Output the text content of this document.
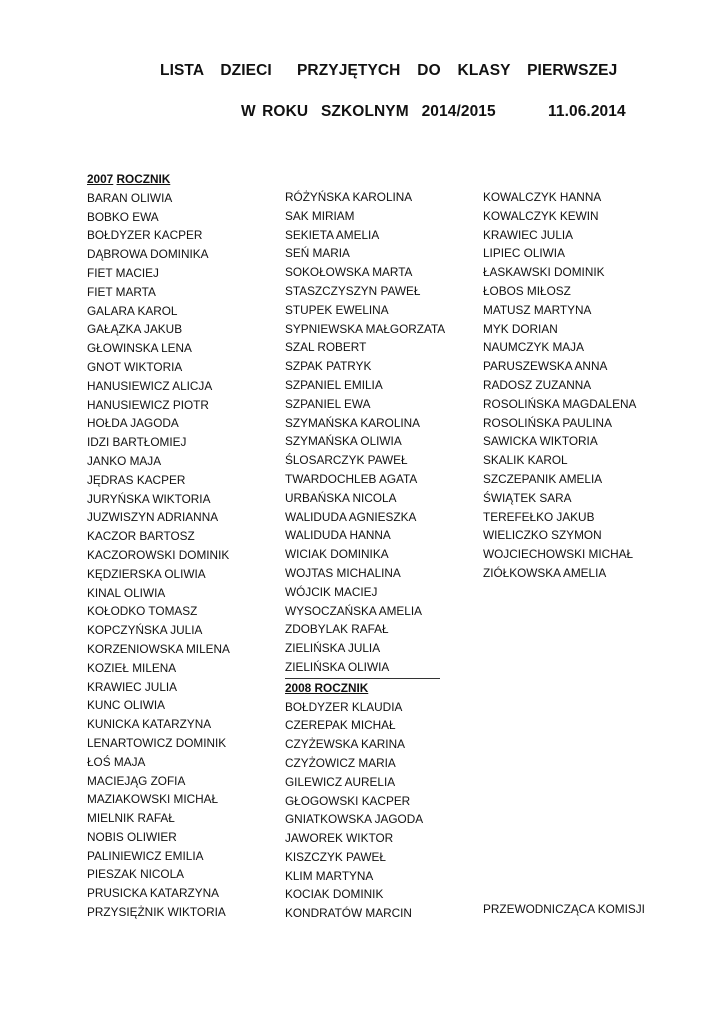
LISTA  DZIECI   PRZYJĘTYCH  DO  KLASY  PIERWSZEJ
W ROKU  SZKOLNYM  2014/2015	11.06.2014
2007 ROCZNIK
BARAN OLIWIA
BOBKO EWA
BOŁDYZER KACPER
DĄBROWA DOMINIKA
FIET MACIEJ
FIET MARTA
GALARA KAROL
GAŁĄZKA JAKUB
GŁOWINSKA LENA
GNOT WIKTORIA
HANUSIEWICZ ALICJA
HANUSIEWICZ PIOTR
HOŁDA JAGODA
IDZI BARTŁOMIEJ
JANKO MAJA
JĘDRAS KACPER
JURYŃSKA WIKTORIA
JUZWISZYN ADRIANNA
KACZOR BARTOSZ
KACZOROWSKI DOMINIK
KĘDZIERSKA OLIWIA
KINAL OLIWIA
KOŁODKO TOMASZ
KOPCZYŃSKA JULIA
KORZENIOWSKA MILENA
KOZIEŁ MILENA
KRAWIEC JULIA
KUNC OLIWIA
KUNICKA KATARZYNA
LENARTOWICZ DOMINIK
ŁOŚ MAJA
MACIEJĄG ZOFIA
MAZIAKOWSKI MICHAŁ
MIELNIK RAFAŁ
NOBIS OLIWIER
PALINIEWICZ EMILIA
PIESZAK NICOLA
PRUSICKA KATARZYNA
PRZYSIĘŻNIK WIKTORIA
RÓŻYŃSKA KAROLINA
SAK MIRIAM
SEKIETA AMELIA
SEŃ MARIA
SOKOŁOWSKA MARTA
STASZCZYSZYN PAWEŁ
STUPEK EWELINA
SYPNIEWSKA MAŁGORZATA
SZAL ROBERT
SZPAK PATRYK
SZPANIEL EMILIA
SZPANIEL EWA
SZYMAŃSKA KAROLINA
SZYMAŃSKA OLIWIA
ŚLOSARCZYK PAWEŁ
TWARDOCHLEB AGATA
URBAŃSKA NICOLA
WALIDUDA AGNIESZKA
WALIDUDA HANNA
WICIAK DOMINIKA
WOJTAS MICHALINA
WÓJCIK MACIEJ
WYSOCZAŃSKA AMELIA
ZDOBYLAK RAFAŁ
ZIELIŃSKA JULIA
ZIELIŃSKA OLIWIA
2008 ROCZNIK
BOŁDYZER KLAUDIA
CZEREPAK MICHAŁ
CZYŻEWSKA KARINA
CZYŻOWICZ MARIA
GILEWICZ AURELIA
GŁOGOWSKI KACPER
GNIATKOWSKA JAGODA
JAWOREK WIKTOR
KISZCZYK PAWEŁ
KLIM MARTYNA
KOCIAK DOMINIK
KONDRATÓW MARCIN
KOWALCZYK HANNA
KOWALCZYK KEWIN
KRAWIEC JULIA
LIPIEC OLIWIA
ŁASKAWSKI DOMINIK
ŁOBOS MIŁOSZ
MATUSZ MARTYNA
MYK DORIAN
NAUMCZYK MAJA
PARUSZEWSKA ANNA
RADOSZ ZUZANNA
ROSOLIŃSKA MAGDALENA
ROSOLIŃSKA PAULINA
SAWICKA WIKTORIA
SKALIK KAROL
SZCZEPANIK AMELIA
ŚWIĄTEK SARA
TEREFEŁKO JAKUB
WIELICZKO SZYMON
WOJCIECHOWSKI MICHAŁ
ZIÓŁKOWSKA AMELIA
PRZEWODNICZĄCA KOMISJI
